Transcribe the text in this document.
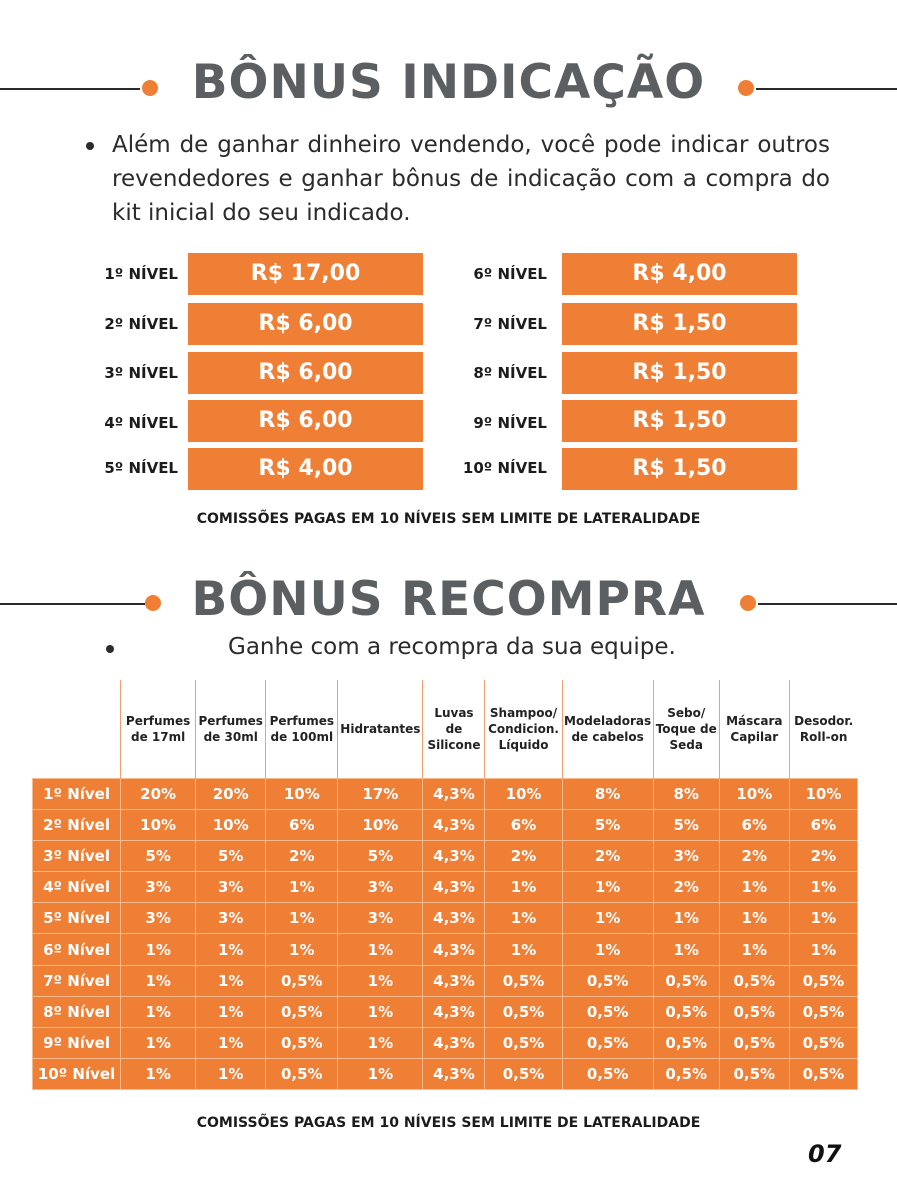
BÔNUS INDICAÇÃO
Além de ganhar dinheiro vendendo, você pode indicar outros revendedores e ganhar bônus de indicação com a compra do kit inicial do seu indicado.
1º NÍVEL	R$ 17,00
2º NÍVEL	R$ 6,00
3º NÍVEL	R$ 6,00
4º NÍVEL	R$ 6,00
5º NÍVEL	R$ 4,00
6º NÍVEL	R$ 4,00
7º NÍVEL	R$ 1,50
8º NÍVEL	R$ 1,50
9º NÍVEL	R$ 1,50
10º NÍVEL	R$ 1,50
COMISSÕES PAGAS EM 10 NÍVEIS SEM LIMITE DE LATERALIDADE
BÔNUS RECOMPRA
Ganhe com a recompra da sua equipe.
	Perfumes de 17ml	Perfumes de 30ml	Perfumes de 100ml	Hidratantes	Luvas de Silicone	Shampoo/ Condicion. Líquido	Modeladoras de cabelos	Sebo/ Toque de Seda	Máscara Capilar	Desodor. Roll-on
1º Nível	20%	20%	10%	17%	4,3%	10%	8%	8%	10%	10%
2º Nível	10%	10%	6%	10%	4,3%	6%	5%	5%	6%	6%
3º Nível	5%	5%	2%	5%	4,3%	2%	2%	3%	2%	2%
4º Nível	3%	3%	1%	3%	4,3%	1%	1%	2%	1%	1%
5º Nível	3%	3%	1%	3%	4,3%	1%	1%	1%	1%	1%
6º Nível	1%	1%	1%	1%	4,3%	1%	1%	1%	1%	1%
7º Nível	1%	1%	0,5%	1%	4,3%	0,5%	0,5%	0,5%	0,5%	0,5%
8º Nível	1%	1%	0,5%	1%	4,3%	0,5%	0,5%	0,5%	0,5%	0,5%
9º Nível	1%	1%	0,5%	1%	4,3%	0,5%	0,5%	0,5%	0,5%	0,5%
10º Nível	1%	1%	0,5%	1%	4,3%	0,5%	0,5%	0,5%	0,5%	0,5%
COMISSÕES PAGAS EM 10 NÍVEIS SEM LIMITE DE LATERALIDADE
07
